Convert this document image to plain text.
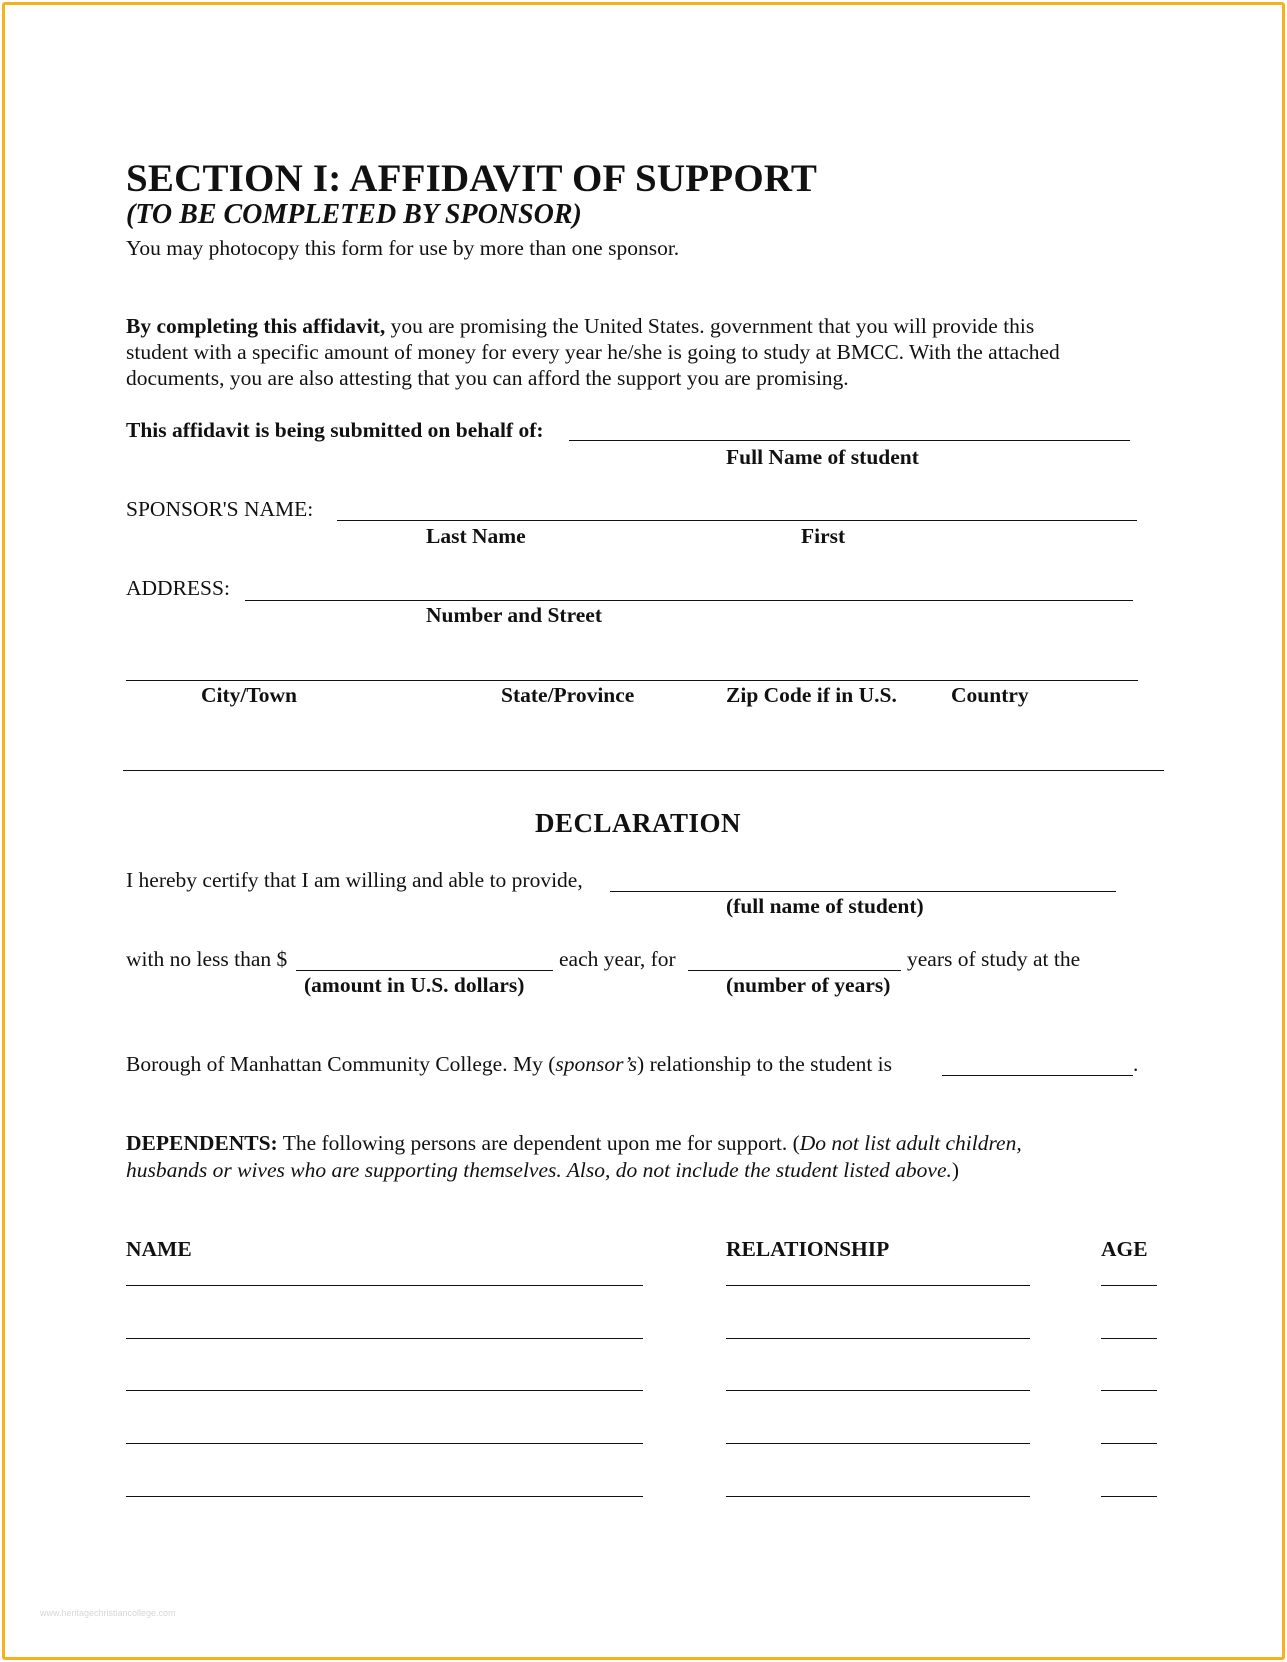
SECTION I: AFFIDAVIT OF SUPPORT
(TO BE COMPLETED BY SPONSOR)
You may photocopy this form for use by more than one sponsor.
By completing this affidavit, you are promising the United States. government that you will provide this
student with a specific amount of money for every year he/she is going to study at BMCC. With the attached
documents, you are also attesting that you can afford the support you are promising.
This affidavit is being submitted on behalf of:
Full Name of student
SPONSOR'S NAME:
Last Name	First
ADDRESS:
Number and Street
City/Town	State/Province	Zip Code if in U.S.	Country
DECLARATION
I hereby certify that I am willing and able to provide,
(full name of student)
with no less than $	each year, for	years of study at the
(amount in U.S. dollars)	(number of years)
Borough of Manhattan Community College. My (sponsor’s) relationship to the student is	.
DEPENDENTS: The following persons are dependent upon me for support. (Do not list adult children,
husbands or wives who are supporting themselves. Also, do not include the student listed above.)
NAME	RELATIONSHIP	AGE
www.heritagechristiancollege.com
